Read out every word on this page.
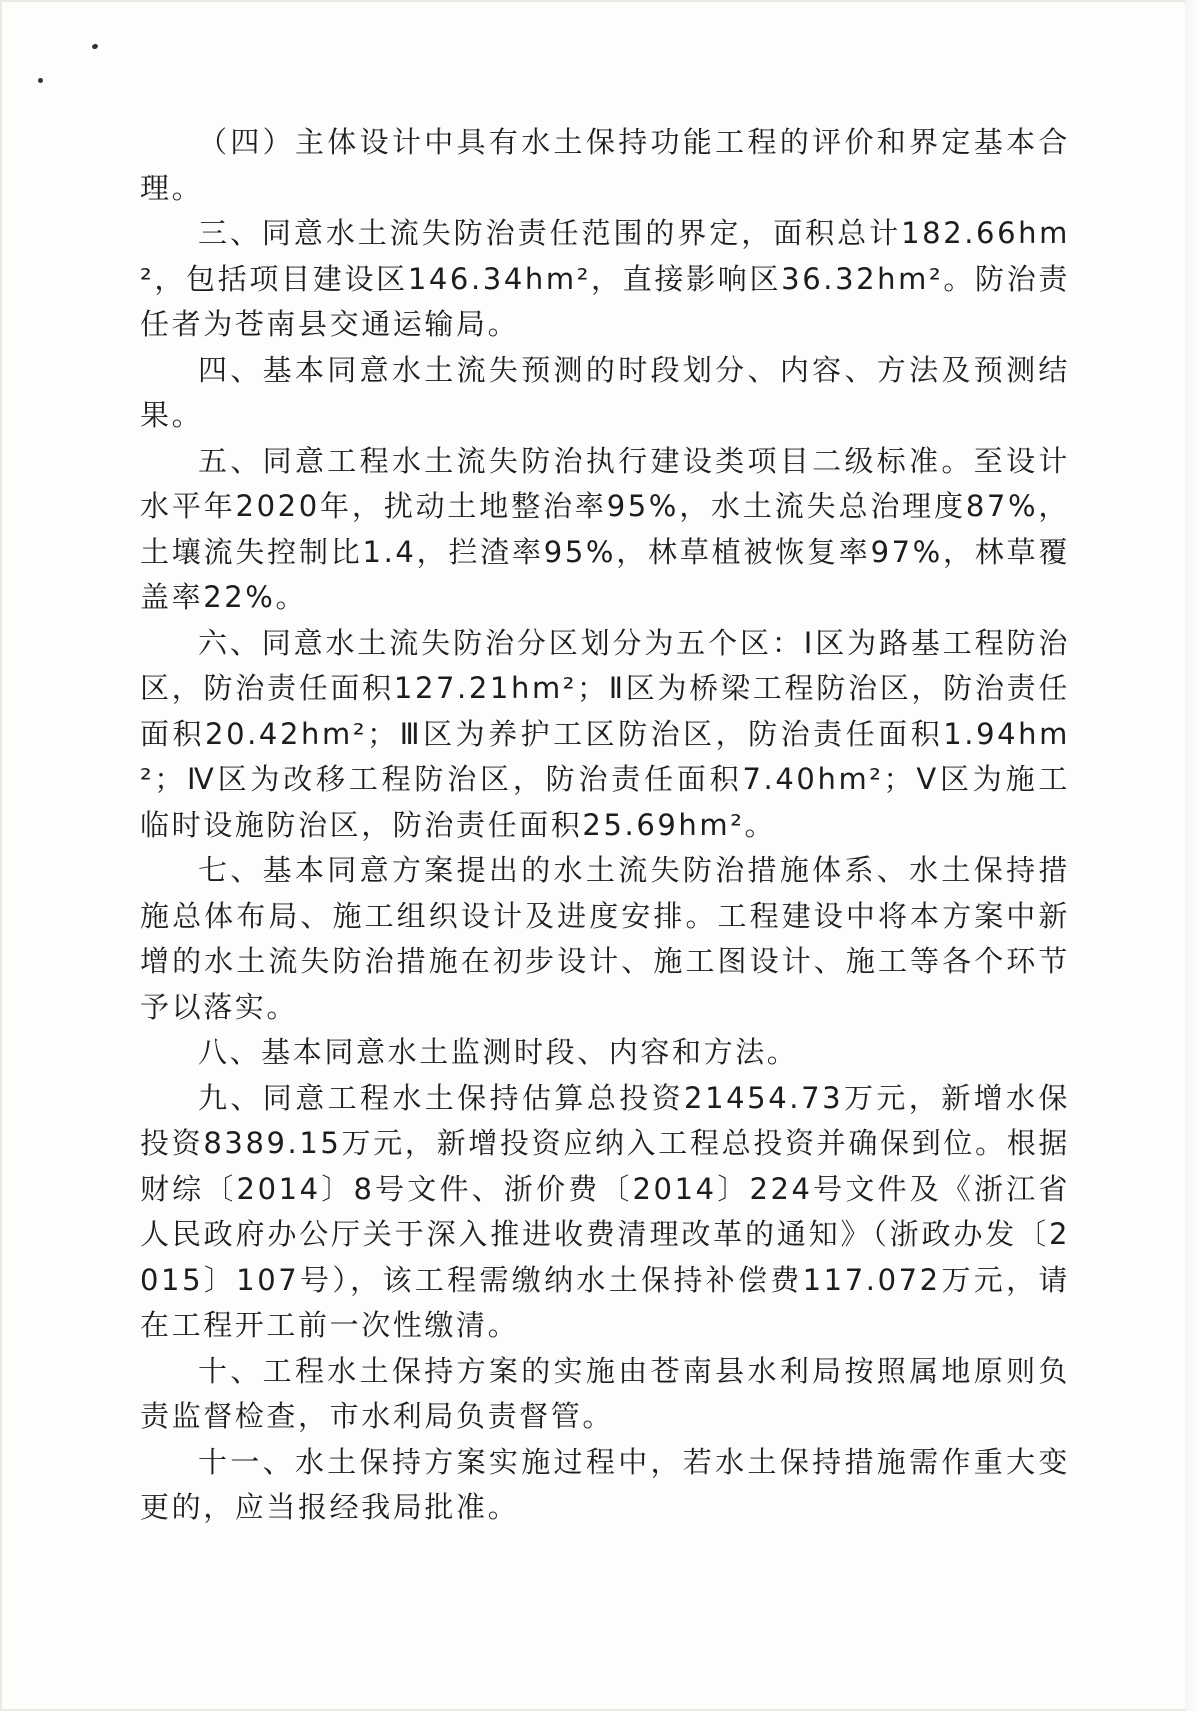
（四）主体设计中具有水土保持功能工程的评价和界定基本合理。

三、同意水土流失防治责任范围的界定，面积总计182.66hm²，包括项目建设区146.34hm²，直接影响区36.32hm²。防治责任者为苍南县交通运输局。

四、基本同意水土流失预测的时段划分、内容、方法及预测结果。

五、同意工程水土流失防治执行建设类项目二级标准。至设计水平年2020年，扰动土地整治率95%，水土流失总治理度87%，土壤流失控制比1.4，拦渣率95%，林草植被恢复率97%，林草覆盖率22%。

六、同意水土流失防治分区划分为五个区：Ⅰ区为路基工程防治区，防治责任面积127.21hm²；Ⅱ区为桥梁工程防治区，防治责任面积20.42hm²；Ⅲ区为养护工区防治区，防治责任面积1.94hm²；Ⅳ区为改移工程防治区，防治责任面积7.40hm²；Ⅴ区为施工临时设施防治区，防治责任面积25.69hm²。

七、基本同意方案提出的水土流失防治措施体系、水土保持措施总体布局、施工组织设计及进度安排。工程建设中将本方案中新增的水土流失防治措施在初步设计、施工图设计、施工等各个环节予以落实。

八、基本同意水土监测时段、内容和方法。

九、同意工程水土保持估算总投资21454.73万元，新增水保投资8389.15万元，新增投资应纳入工程总投资并确保到位。根据财综〔2014〕8号文件、浙价费〔2014〕224号文件及《浙江省人民政府办公厅关于深入推进收费清理改革的通知》（浙政办发〔2015〕107号），该工程需缴纳水土保持补偿费117.072万元，请在工程开工前一次性缴清。

十、工程水土保持方案的实施由苍南县水利局按照属地原则负责监督检查，市水利局负责督管。

十一、水土保持方案实施过程中，若水土保持措施需作重大变更的，应当报经我局批准。
